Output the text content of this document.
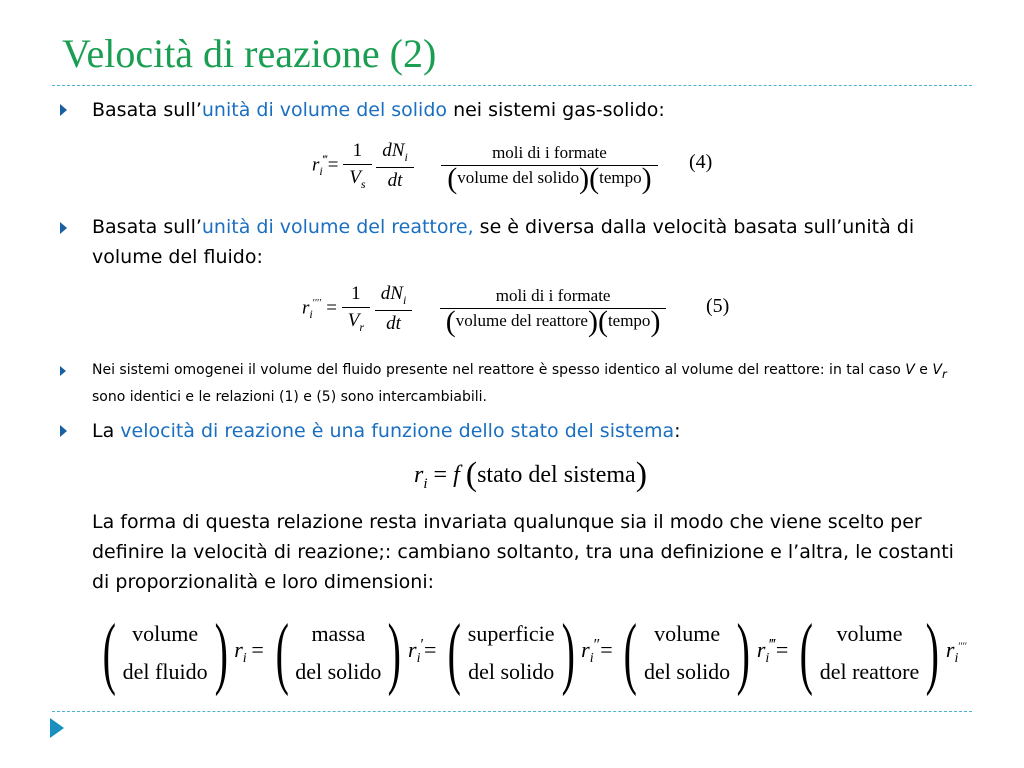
Velocità di reazione (2)
Basata sull’unità di volume del solido nei sistemi gas-solido:
$r_i^‴= \frac{1}{V_s}$
$\frac{dN_i}{dt}$
$\frac{\text{moli di i formate}}{\text{(volume del solido)(tempo)}} (4)$
Basata sull’unità di volume del reattore, se è diversa dalla velocità basata sull’unità di volume del fluido:
$r_i'''' = \frac{1}{V_r}$
$\frac{dN_i}{dt}$
$\frac{\text{moli di i formate}}{\text{(volume del reattore)(tempo)}} (5)$
Nei sistemi omogenei il volume del fluido presente nel reattore è spesso identico al volume del reattore: in tal caso V e $V_r$ sono identici e le relazioni (1) e (5) sono intercambiabili.
La velocità di reazione è una funzione dello stato del sistema:
$r_i = f$ (stato del sistema)
La forma di questa relazione resta invariata qualunque sia il modo che viene scelto per definire la velocità di reazione;: cambiano soltanto, tra una definizione e l’altra, le costanti di proporzionalità e loro dimensioni:
( volume
del fluido) $r_i$ = ( massa
del solido) $r_i'=$ ( superficie
del solido) $r_i''=$ ( volume
del solido) $r_i^‴=$ ( volume
del reattore) $r_i''''$
